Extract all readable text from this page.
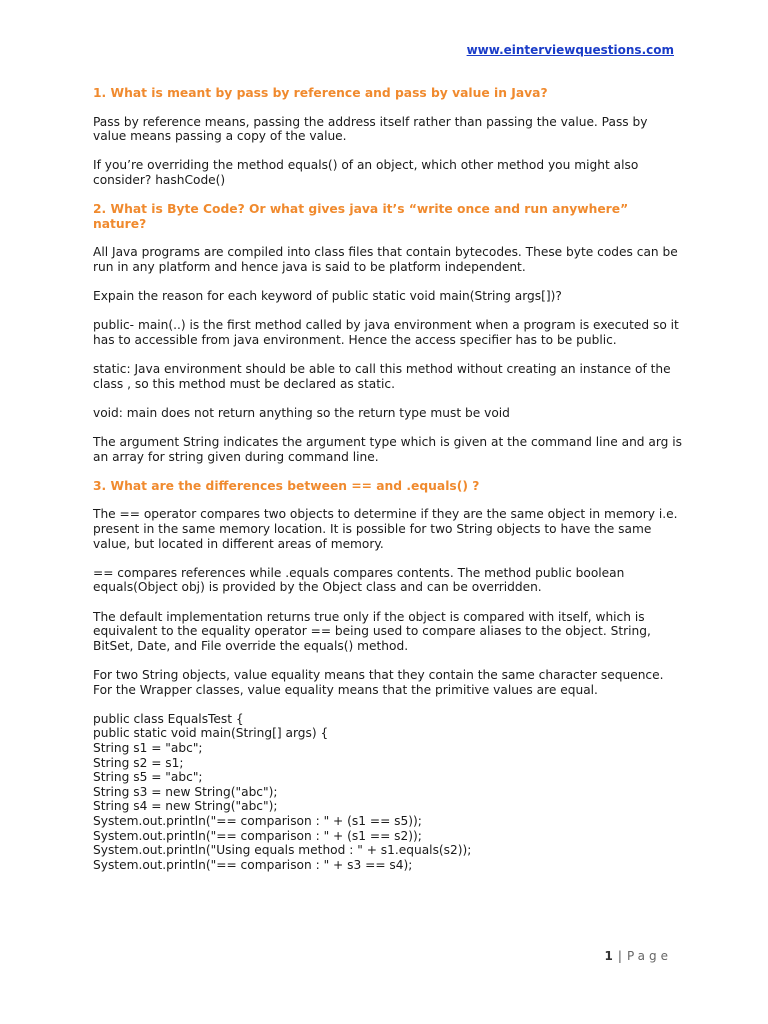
www.einterviewquestions.com
1. What is meant by pass by reference and pass by value in Java?

Pass by reference means, passing the address itself rather than passing the value. Pass by value means passing a copy of the value.

If you’re overriding the method equals() of an object, which other method you might also consider? hashCode()

2. What is Byte Code? Or what gives java it’s “write once and run anywhere” nature?

All Java programs are compiled into class files that contain bytecodes. These byte codes can be run in any platform and hence java is said to be platform independent.

Expain the reason for each keyword of public static void main(String args[])?

public- main(..) is the first method called by java environment when a program is executed so it has to accessible from java environment. Hence the access specifier has to be public.

static: Java environment should be able to call this method without creating an instance of the class , so this method must be declared as static.

void: main does not return anything so the return type must be void

The argument String indicates the argument type which is given at the command line and arg is an array for string given during command line.

3. What are the differences between == and .equals() ?

The == operator compares two objects to determine if they are the same object in memory i.e. present in the same memory location. It is possible for two String objects to have the same value, but located in different areas of memory.

== compares references while .equals compares contents. The method public boolean equals(Object obj) is provided by the Object class and can be overridden.

The default implementation returns true only if the object is compared with itself, which is equivalent to the equality operator == being used to compare aliases to the object. String, BitSet, Date, and File override the equals() method.

For two String objects, value equality means that they contain the same character sequence. For the Wrapper classes, value equality means that the primitive values are equal.

public class EqualsTest {

public static void main(String[] args) {

String s1 = "abc";

String s2 = s1;

String s5 = "abc";

String s3 = new String("abc");

String s4 = new String("abc");

System.out.println("== comparison : " + (s1 == s5));

System.out.println("== comparison : " + (s1 == s2));

System.out.println("Using equals method : " + s1.equals(s2));

System.out.println("== comparison : " + s3 == s4);

1 | Page
